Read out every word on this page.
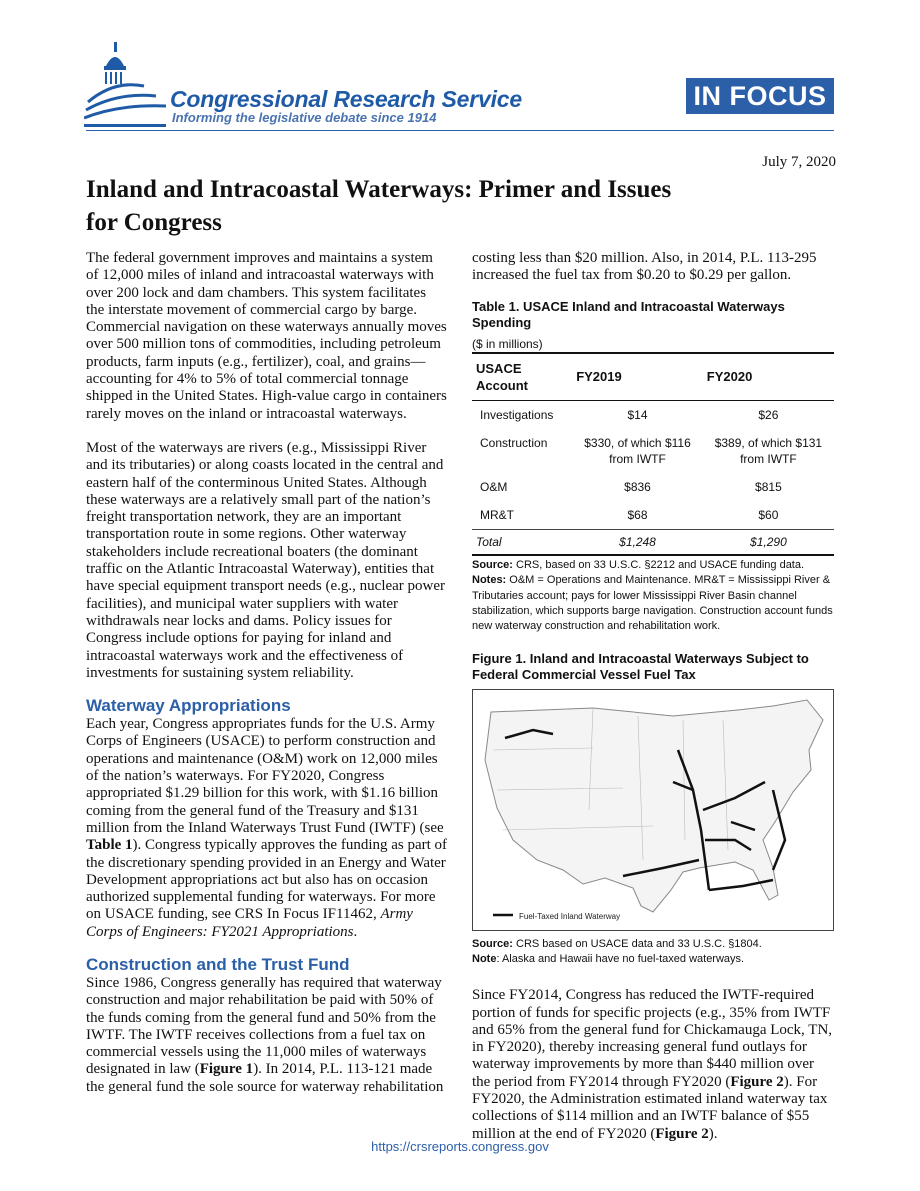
Congressional Research Service
Informing the legislative debate since 1914
IN FOCUS
July 7, 2020
Inland and Intracoastal Waterways: Primer and Issues for Congress

The federal government improves and maintains a system of 12,000 miles of inland and intracoastal waterways with over 200 lock and dam chambers. This system facilitates the interstate movement of commercial cargo by barge. Commercial navigation on these waterways annually moves over 500 million tons of commodities, including petroleum products, farm inputs (e.g., fertilizer), coal, and grains—accounting for 4% to 5% of total commercial tonnage shipped in the United States. High-value cargo in containers rarely moves on the inland or intracoastal waterways.

Most of the waterways are rivers (e.g., Mississippi River and its tributaries) or along coasts located in the central and eastern half of the conterminous United States. Although these waterways are a relatively small part of the nation’s freight transportation network, they are an important transportation route in some regions. Other waterway stakeholders include recreational boaters (the dominant traffic on the Atlantic Intracoastal Waterway), entities that have special equipment transport needs (e.g., nuclear power facilities), and municipal water suppliers with water withdrawals near locks and dams. Policy issues for Congress include options for paying for inland and intracoastal waterways work and the effectiveness of investments for sustaining system reliability.

Waterway Appropriations

Each year, Congress appropriates funds for the U.S. Army Corps of Engineers (USACE) to perform construction and operations and maintenance (O&M) work on 12,000 miles of the nation’s waterways. For FY2020, Congress appropriated $1.29 billion for this work, with $1.16 billion coming from the general fund of the Treasury and $131 million from the Inland Waterways Trust Fund (IWTF) (see Table 1). Congress typically approves the funding as part of the discretionary spending provided in an Energy and Water Development appropriations act but also has on occasion authorized supplemental funding for waterways. For more on USACE funding, see CRS In Focus IF11462, Army Corps of Engineers: FY2021 Appropriations.

Construction and the Trust Fund

Since 1986, Congress generally has required that waterway construction and major rehabilitation be paid with 50% of the funds coming from the general fund and 50% from the IWTF. The IWTF receives collections from a fuel tax on commercial vessels using the 11,000 miles of waterways designated in law (Figure 1). In 2014, P.L. 113-121 made the general fund the sole source for waterway rehabilitation

costing less than $20 million. Also, in 2014, P.L. 113-295 increased the fuel tax from $0.20 to $0.29 per gallon.

Table 1. USACE Inland and Intracoastal Waterways Spending
($ in millions)
USACE Account	FY2019	FY2020
Investigations	$14	$26
Construction	$330, of which $116 from IWTF	$389, of which $131 from IWTF
O&M	$836	$815
MR&T	$68	$60
Total	$1,248	$1,290
Source: CRS, based on 33 U.S.C. §2212 and USACE funding data.
Notes: O&M = Operations and Maintenance. MR&T = Mississippi River & Tributaries account; pays for lower Mississippi River Basin channel stabilization, which supports barge navigation. Construction account funds new waterway construction and rehabilitation work.
Figure 1. Inland and Intracoastal Waterways Subject to Federal Commercial Vessel Fuel Tax
Fuel-Taxed Inland Waterway
Source: CRS based on USACE data and 33 U.S.C. §1804.
Note: Alaska and Hawaii have no fuel-taxed waterways.

Since FY2014, Congress has reduced the IWTF-required portion of funds for specific projects (e.g., 35% from IWTF and 65% from the general fund for Chickamauga Lock, TN, in FY2020), thereby increasing general fund outlays for waterway improvements by more than $440 million over the period from FY2014 through FY2020 (Figure 2). For FY2020, the Administration estimated inland waterway tax collections of $114 million and an IWTF balance of $55 million at the end of FY2020 (Figure 2).

https://crsreports.congress.gov
